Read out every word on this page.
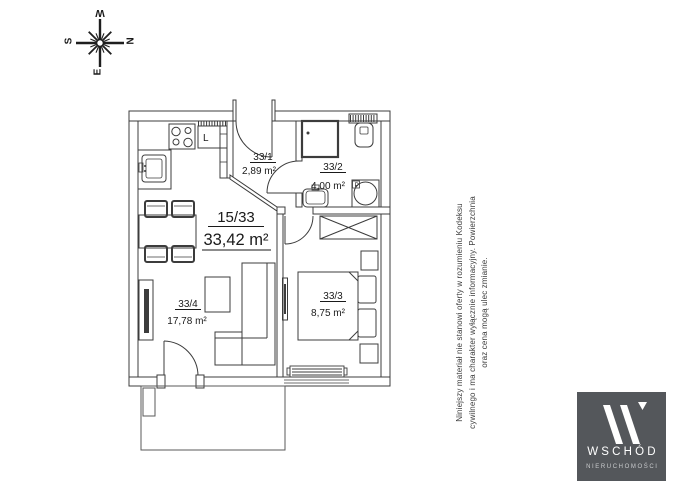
W
N
E
S
L
P
33/1
2,89 m²	33/2
4,00 m²
15/33
33,42 m²
33/4
17,78 m²
33/3
8,75 m²	Niniejszy materiał nie stanowi oferty w rozumieniu Kodeksu cywilnego i ma charakter wyłącznie informacyjny. Powierzchnia oraz cena mogą ulec zmianie.
WSCHÓD
NIERUCHOMOŚCI
